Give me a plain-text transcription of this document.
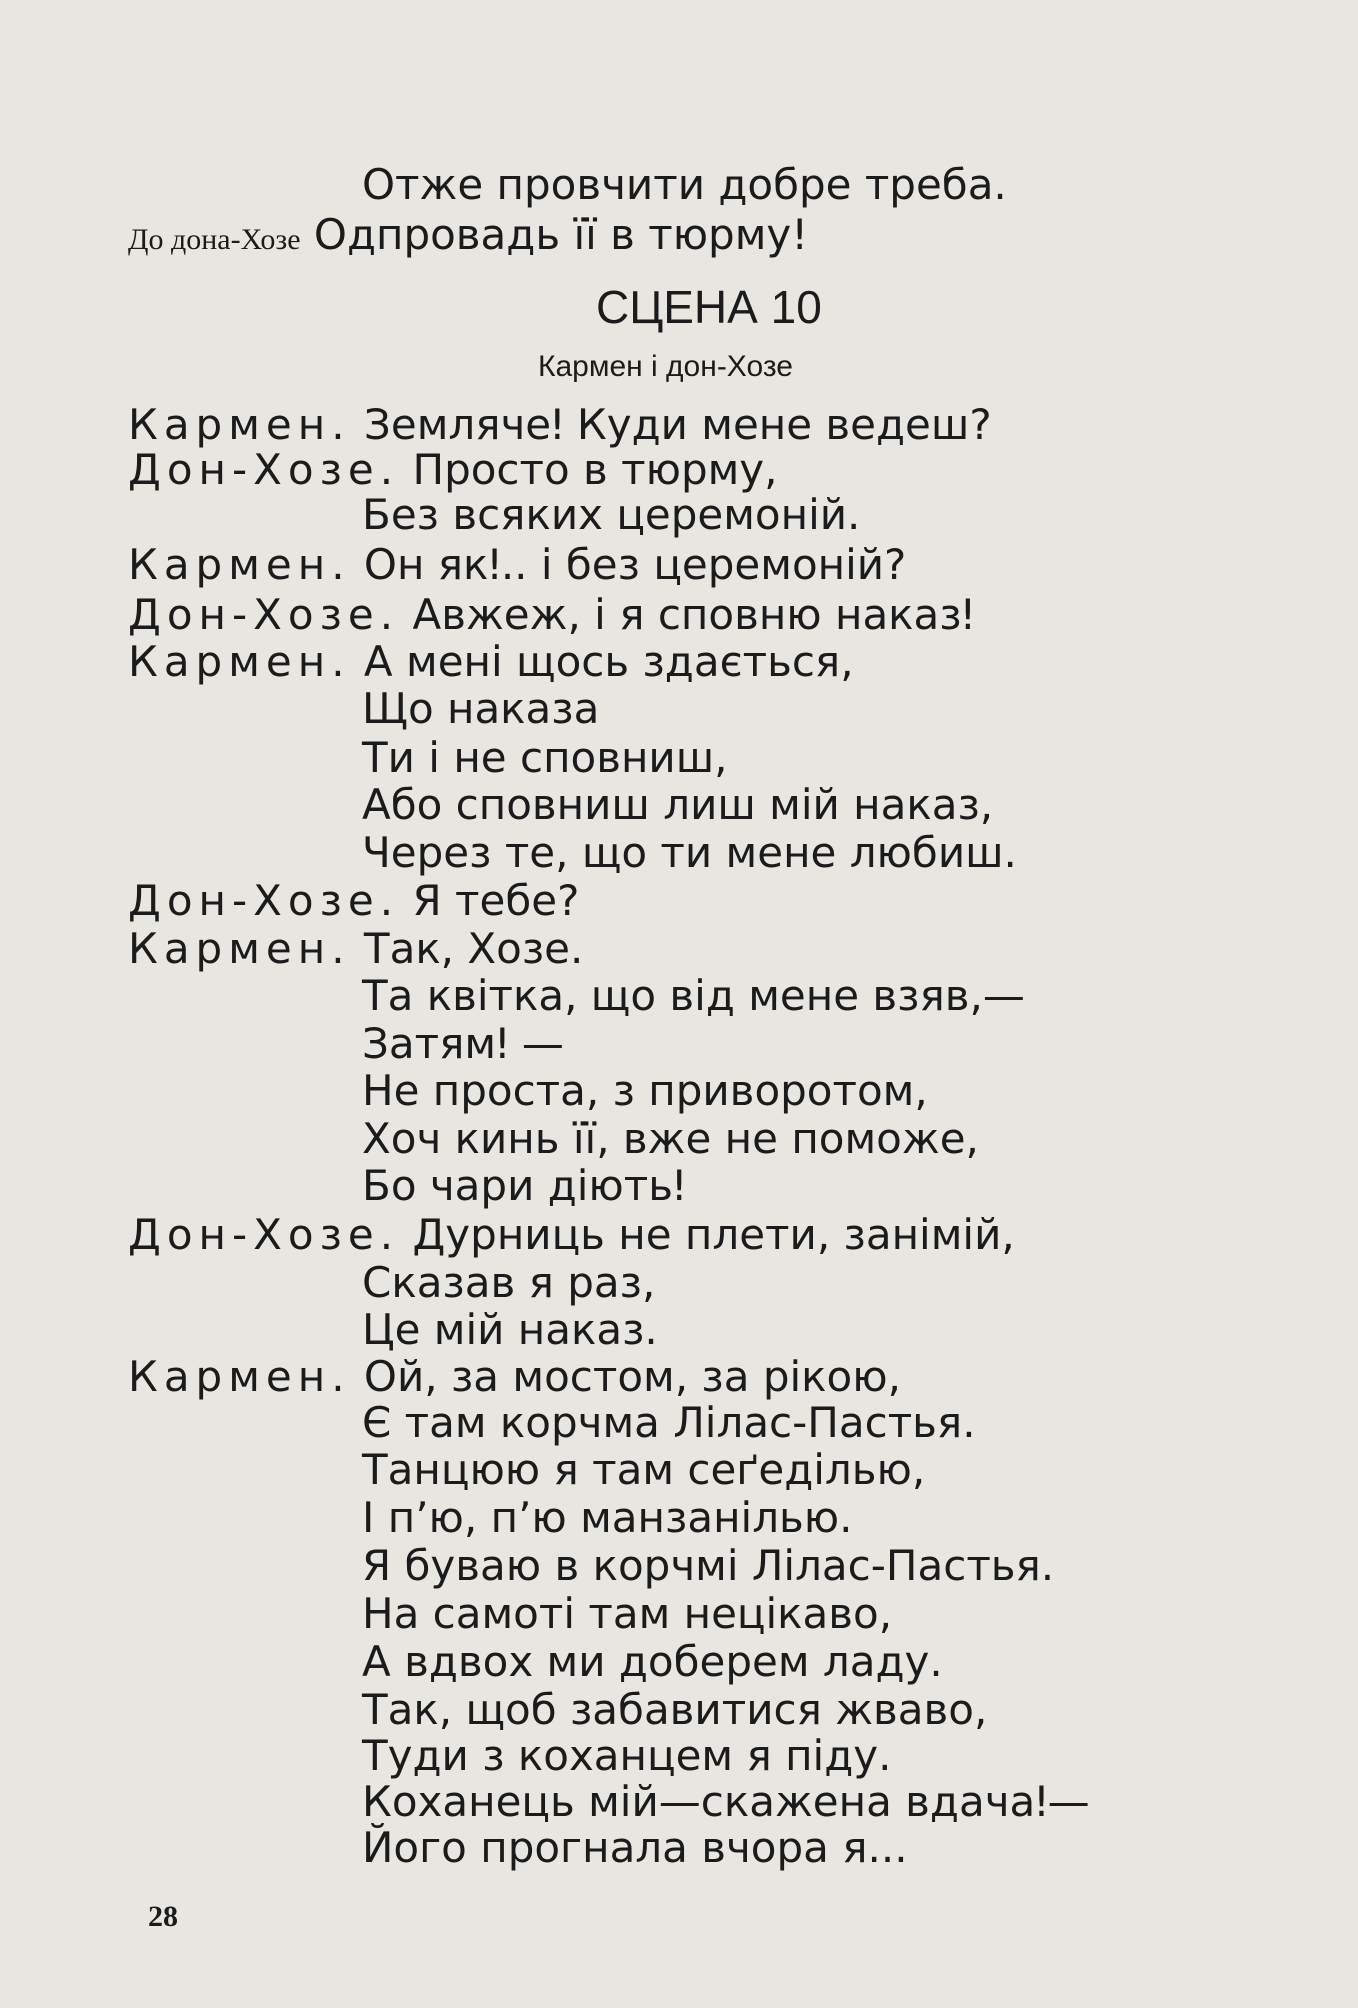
Отже провчити добре треба.
До дона-Хозе Одпровадь її в тюрму!
СЦЕНА 10
Кармен і дон-Хозе
Кармен. Землячеǃ Куди мене ведеш?
Дон-Хозе. Просто в тюрму,
Без всяких церемоній.
Кармен. Он якǃ.. і без церемоній?
Дон-Хозе. Авжеж, і я сповню наказǃ
Кармен. А мені щось здається,
Що наказа
Ти і не сповниш,
Або сповниш лиш мій наказ,
Через те, що ти мене любиш.
Дон-Хозе. Я тебе?
Кармен. Так, Хозе.
Та квітка, що від мене взяв,—
Затямǃ —
Не проста, з приворотом,
Хоч кинь її, вже не поможе,
Бо чари діютьǃ
Дон-Хозе. Дурниць не плети, занімій,
Сказав я раз,
Це мій наказ.
Кармен. Ой, за мостом, за рікою,
Є там корчма Лілас-Пастья.
Танцюю я там сеґеділью,
І п’ю, п’ю манзанілью.
Я буваю в корчмі Лілас-Пастья.
На самоті там нецікаво,
А вдвох ми доберем ладу.
Так, щоб забавитися жваво,
Туди з коханцем я піду.
Коханець мій—скажена вдачаǃ—
Його прогнала вчора я...
28
